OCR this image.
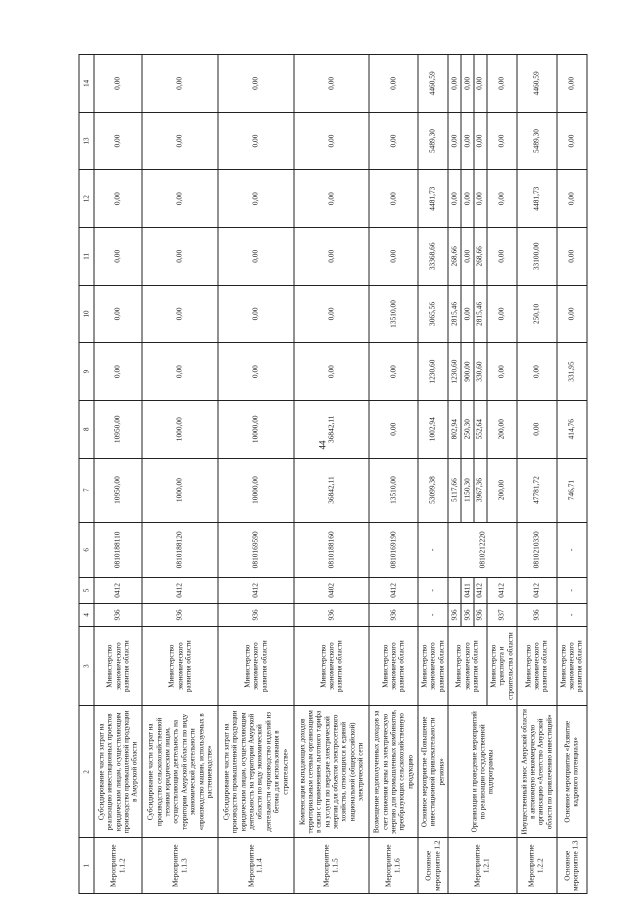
44
1	2	3	4	5	6	7	8	9	10	11	12	13	14
Мероприятие 1.1.2	Субсидирование части затрат на реализацию инвестиционных проектов юридическим лицам, осуществляющим производство промышленной продукции в Амурской области	Министерство экономического развития области	936	0412	0810188110	10950,00	10950,00	0,00	0,00	0,00	0,00	0,00	0,00
Мероприятие 1.1.3	Субсидирование части затрат на производство сельскохозяйственной техники юридическим лицам, осуществляющим деятельность на территории Амурской области по виду экономической деятельности «производство машин, используемых в растениеводстве»	Министерство экономического развития области	936	0412	0810188120	1000,00	1000,00	0,00	0,00	0,00	0,00	0,00	0,00
Мероприятие 1.1.4	Субсидирование части затрат на производство промышленной продукции юридическим лицам, осуществляющим деятельность на территории Амурской области по виду экономической деятельности «производство изделий из бетона для использования в строительстве»	Министерство экономического развития области	936	0412	0810169590	10000,00	10000,00	0,00	0,00	0,00	0,00	0,00	0,00
Мероприятие 1.1.5	Компенсация выпадающих доходов территориальным сетевым организациям в связи с применением льготного тарифа на услуги по передаче электрической энергии для объектов электросетевого хозяйства, относящихся к единой национальной (общероссийской) электрической сети	Министерство экономического развития области	936	0402	0810188160	36842,11	36842,11	0,00	0,00	0,00	0,00	0,00	0,00
Мероприятие 1.1.6	Возмещение недополученных доходов за счет снижения цены на электрическую энергию для промышленных комбинатов, преобразующих сельскохозяйственную продукцию	Министерство экономического развития области	936	0412	0810169190	13510,00	0,00	0,00	13510,00	0,00	0,00	0,00	0,00
Основное мероприятие 1.2	Основное мероприятие «Повышение инвестиционной привлекательности региона»	Министерство экономического развития области	-	-	-	53099,38	1002,94	1230,60	3065,56	33368,66	4481,73	5489,30	4460,59
Мероприятие 1.2.1	Организация и проведение мероприятий по реализации государственной подпрограммы	Министерство экономического развития области	936		0810212220	5117,66	802,94	1230,60	2815,46	268,66	0,00	0,00	0,00
			936	0411		1150,30	250,30	900,00	0,00	0,00	0,00	0,00	0,00
			936	0412		3967,36	552,64	330,60	2815,46	268,66	0,00	0,00	0,00
		Министерство транспорта и строительства области	937	0412		200,00	200,00	0,00	0,00	0,00	0,00	0,00	0,00
Мероприятие 1.2.2	Имущественный взнос Амурской области в автономную некоммерческую организацию «Агентство Амурской области по привлечению инвестиций»	Министерство экономического развития области	936	0412	0810210330	47781,72	0,00	0,00	250,10	33100,00	4481,73	5489,30	4460,59
Основное мероприятие 1.3	Основное мероприятие «Развитие кадрового потенциала»	Министерство экономического развития области	-	-	-	746,71	414,76	331,95	0,00	0,00	0,00	0,00	0,00
